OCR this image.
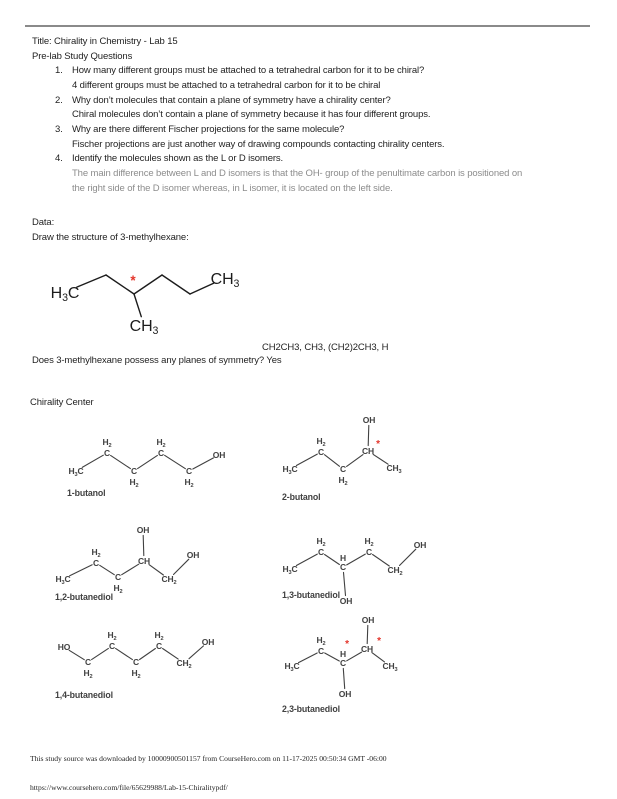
Title: Chirality in Chemistry - Lab 15
Pre-lab Study Questions
1. How many different groups must be attached to a tetrahedral carbon for it to be chiral?
4 different groups must be attached to a tetrahedral carbon for it to be chiral
2. Why don’t molecules that contain a plane of symmetry have a chirality center?
Chiral molecules don’t contain a plane of symmetry because it has four different groups.
3. Why are there different Fischer projections for the same molecule?
Fischer projections are just another way of drawing compounds contacting chirality centers.
4. Identify the molecules shown as the L or D isomers.
The main difference between L and D isomers is that the OH- group of the penultimate carbon is positioned on the right side of the D isomer whereas, in L isomer, it is located on the left side.
Data:
Draw the structure of 3-methylhexane:
CH2CH3, CH3, (CH2)2CH3, H
Does 3-methylhexane possess any planes of symmetry? Yes
Chirality Center
$H_3C$
$CH_3$
$CH_3$
*
H3C
H2
C
H2
C
H2
C
H2
C
OH
1-butanol
H3C
H2
C
H2
C
CH
OH
CH3
*
2-butanol
H3C
H2
C
H2
C
CH
OH
CH2
OH
1,2-butanediol
H3C
H2
C
H
C
H2
C
CH2
OH
OH
1,3-butanediol
HO
H2
C
H2
C
H2
C
H2
C
CH2
OH
1,4-butanediol
H3C
H2
C H
C
OH
CH
OH
CH3
*	*
2,3-butanediol
This study source was downloaded by 10000900501157 from CourseHero.com on 11-17-2025 00:50:34 GMT -06:00
https://www.coursehero.com/file/65629988/Lab-15-Chiralitypdf/
